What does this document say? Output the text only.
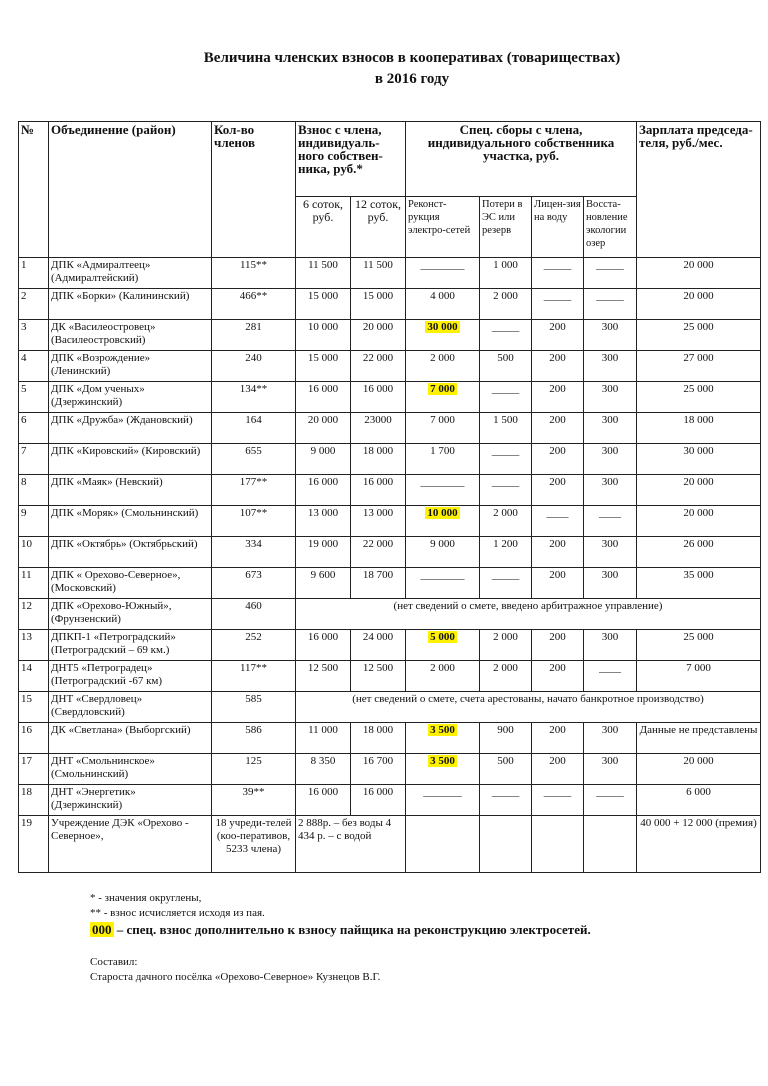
Величина членских взносов в кооперативах (товариществах)
в 2016 году
№	Объединение (район)	Кол-во членов	Взнос с члена, индивидуаль-ного собствен-ника, руб.*		Спец. сборы с члена, индивидуального собственника участка, руб.				Зарплата председа-теля, руб./мес.
			6 соток, руб.	12 соток, руб.	Реконст-рукция электро-сетей	Потери в ЭС или резерв	Лицен-зия на воду	Восста-новление экологии озер	
1	ДПК «Адмиралтеец» (Адмиралтейский)	115**	11 500	11 500	________	1 000	_____	_____	20 000
2	ДПК «Борки» (Калининский)	466**	15 000	15 000	4 000	2 000	_____	_____	20 000
3	ДК «Василеостровец» (Василеостровский)	281	10 000	20 000	30 000	_____	200	300	25 000
4	ДПК «Возрождение» (Ленинский)	240	15 000	22 000	2 000	500	200	300	27 000
5	ДПК «Дом ученых» (Дзержинский)	134**	16 000	16 000	7 000	_____	200	300	25 000
6	ДПК «Дружба» (Ждановский)	164	20 000	23000	7 000	1 500	200	300	18 000
7	ДПК «Кировский» (Кировский)	655	9 000	18 000	1 700	_____	200	300	30 000
8	ДПК «Маяк» (Невский)	177**	16 000	16 000	________	_____	200	300	20 000
9	ДПК «Моряк» (Смольнинский)	107**	13 000	13 000	10 000	2 000	____	____	20 000
10	ДПК «Октябрь» (Октябрьский)	334	19 000	22 000	9 000	1 200	200	300	26 000
11	ДПК « Орехово-Северное», (Московский)	673	9 600	18 700	________	_____	200	300	35 000
12	ДПК «Орехово-Южный», (Фрунзенский)	460	(нет сведений о смете, введено арбитражное управление)						
13	ДПКП-1 «Петроградский» (Петроградский – 69 км.)	252	16 000	24 000	5 000	2 000	200	300	25 000
14	ДНТ5 «Петроградец» (Петроградский -67 км)	117**	12 500	12 500	2 000	2 000	200	____	7 000
15	ДНТ «Свердловец» (Свердловский)	585	(нет сведений о смете, счета арестованы, начато банкротное производство)						
16	ДК «Светлана» (Выборгский)	586	11 000	18 000	3 500	900	200	300	Данные не представлены
17	ДНТ «Смольнинское» (Смольнинский)	125	8 350	16 700	3 500	500	200	300	20 000
18	ДНТ «Энергетик» (Дзержинский)	39**	16 000	16 000	_______	_____	_____	_____	6 000
19	Учреждение ДЭК «Орехово - Северное»,	18 учреди-телей (коо-перативов, 5233 члена)	2 888р. – без воды 4 434 р. – с водой						40 000 + 12 000 (премия)
* - значения округлены,
** - взнос исчисляется исходя из пая.
000 – спец. взнос дополнительно к взносу пайщика на реконструкцию электросетей.
Составил:
Староста дачного посёлка «Орехово-Северное» Кузнецов В.Г.
